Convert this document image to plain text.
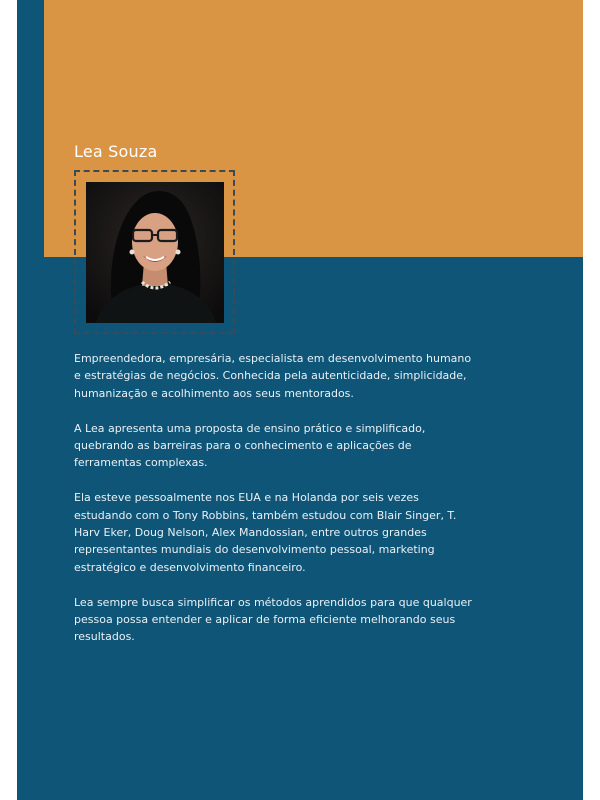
Lea Souza

Empreendedora, empresária, especialista em desenvolvimento humano e estratégias de negócios. Conhecida pela autenticidade, simplicidade, humanização e acolhimento aos seus mentorados.

A Lea apresenta uma proposta de ensino prático e simplificado, quebrando as barreiras para o conhecimento e aplicações de ferramentas complexas.

Ela esteve pessoalmente nos EUA e na Holanda por seis vezes estudando com o Tony Robbins, também estudou com Blair Singer, T. Harv Eker, Doug Nelson, Alex Mandossian, entre outros grandes representantes mundiais do desenvolvimento pessoal, marketing estratégico e desenvolvimento financeiro.

Lea sempre busca simplificar os métodos aprendidos para que qualquer pessoa possa entender e aplicar de forma eficiente melhorando seus resultados.
